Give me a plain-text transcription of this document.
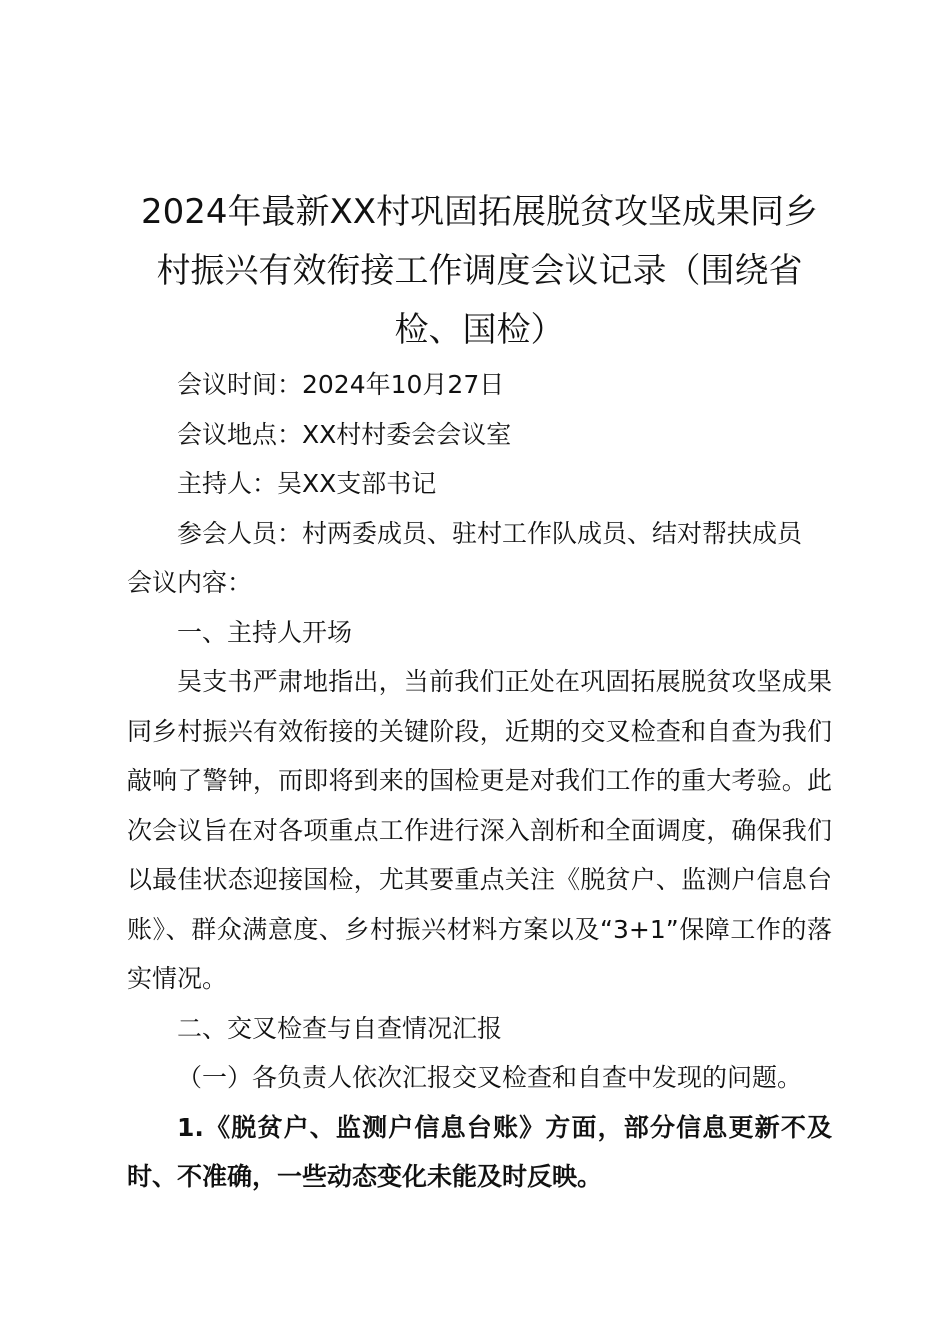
2024年最新XX村巩固拓展脱贫攻坚成果同乡村振兴有效衔接工作调度会议记录（围绕省检、国检）

会议时间：2024年10月27日

会议地点：XX村村委会会议室

主持人：吴XX支部书记

参会人员：村两委成员、驻村工作队成员、结对帮扶成员

会议内容：

一、主持人开场

吴支书严肃地指出，当前我们正处在巩固拓展脱贫攻坚成果同乡村振兴有效衔接的关键阶段，近期的交叉检查和自查为我们敲响了警钟，而即将到来的国检更是对我们工作的重大考验。此次会议旨在对各项重点工作进行深入剖析和全面调度，确保我们以最佳状态迎接国检，尤其要重点关注《脱贫户、监测户信息台账》、群众满意度、乡村振兴材料方案以及“3+1”保障工作的落实情况。

二、交叉检查与自查情况汇报

（一）各负责人依次汇报交叉检查和自查中发现的问题。

1.《脱贫户、监测户信息台账》方面，部分信息更新不及时、不准确，一些动态变化未能及时反映。
